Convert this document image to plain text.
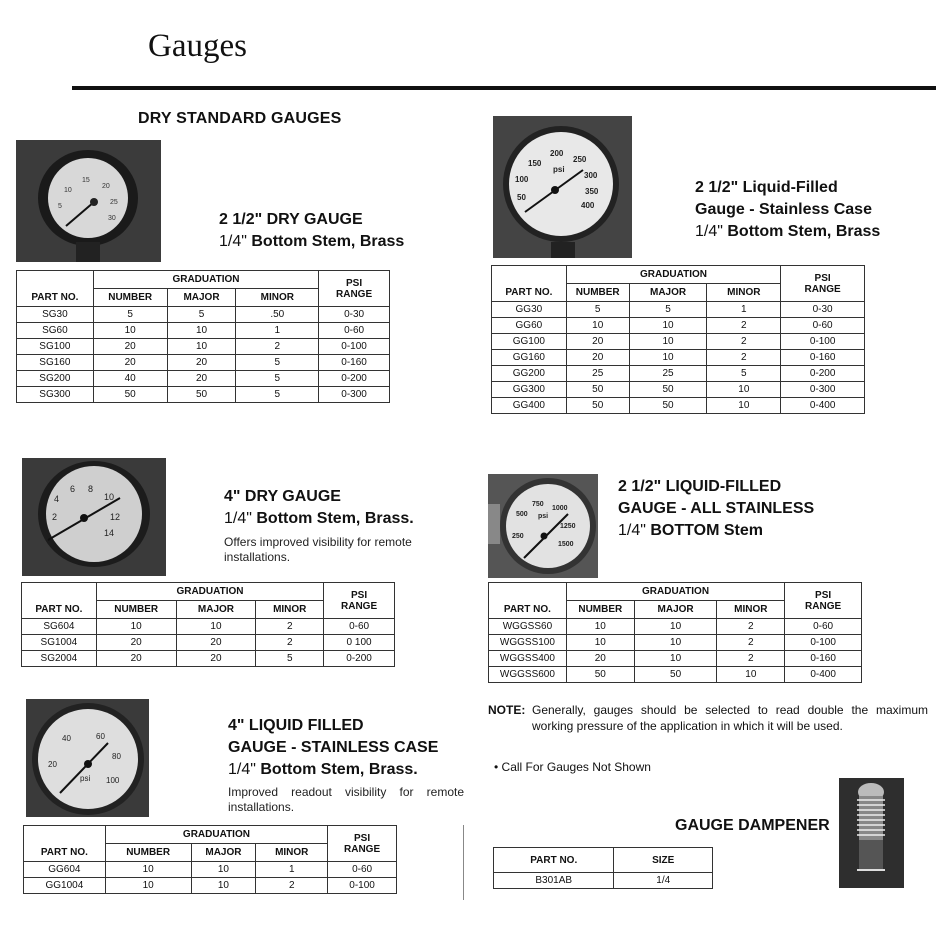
Gauges
DRY STANDARD GAUGES
5
10
15
20
25
30	2 1/2" DRY GAUGE
1/4" Bottom Stem, Brass
PART NO.	GRADUATION			PSI
RANGE
	NUMBER	MAJOR	MINOR	
SG30	5	5	.50	0-30
SG60	10	10	1	0-60
SG100	20	10	2	0-100
SG160	20	20	5	0-160
SG200	40	20	5	0-200
SG300	50	50	5	0-300
50
100
150
200
250
300
350
400
psi
2 1/2" Liquid-Filled
Gauge - Stainless Case
1/4" Bottom Stem, Brass
PART NO.	GRADUATION			PSI
RANGE
	NUMBER	MAJOR	MINOR	
GG30	5	5	1	0-30
GG60	10	10	2	0-60
GG100	20	10	2	0-100
GG160	20	10	2	0-160
GG200	25	25	5	0-200
GG300	50	50	10	0-300
GG400	50	50	10	0-400
2
4
6 8
10
12
14
4" DRY GAUGE
1/4" Bottom Stem, Brass.
Offers improved visibility for remote installations.
PART NO.	GRADUATION			PSI
RANGE
	NUMBER	MAJOR	MINOR	
SG604	10	10	2	0-60
SG1004	20	20	2	0 100
SG2004	20	20	5	0-200
250
500
750
1000
1250
1500
psi
2 1/2" LIQUID-FILLED
GAUGE - ALL STAINLESS
1/4" BOTTOM Stem
PART NO.	GRADUATION			PSI
RANGE
	NUMBER	MAJOR	MINOR	
WGGSS60	10	10	2	0-60
WGGSS100	10	10	2	0-100
WGGSS400	20	10	2	0-160
WGGSS600	50	50	10	0-400
NOTE: Generally, gauges should be selected to read double the maximum working pressure of the application in which it will be used.
• Call For Gauges Not Shown
20
40	60
80
100
psi
4" LIQUID FILLED
GAUGE - STAINLESS CASE
1/4" Bottom Stem, Brass.
Improved readout visibility for remote installations.
PART NO.	GRADUATION			PSI
RANGE
	NUMBER	MAJOR	MINOR	
GG604	10	10	1	0-60
GG1004	10	10	2	0-100
GAUGE DAMPENER
PART NO.	SIZE
B301AB	1/4
